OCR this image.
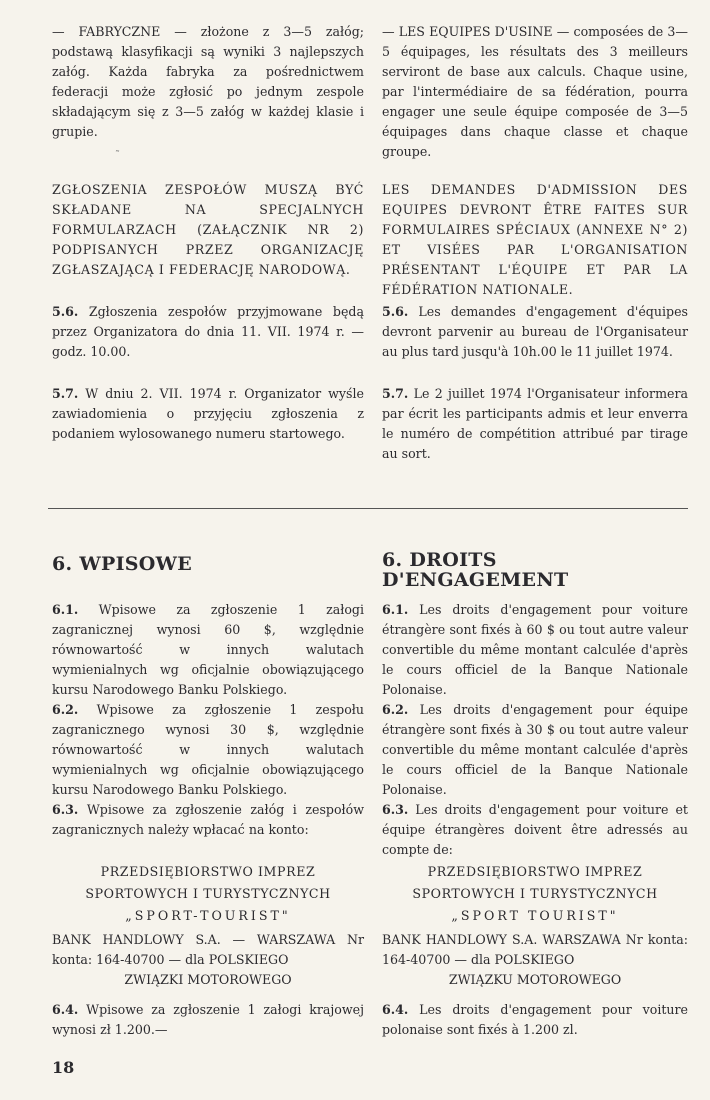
— FABRYCZNE — złożone z 3—5 załóg; podstawą klasyfikacji są wyniki 3 najlepszych załóg. Każda fabryka za pośrednictwem federacji może zgłosić po jednym zespole składającym się z 3—5 załóg w każdej klasie i grupie.

ZGŁOSZENIA ZESPOŁÓW MUSZĄ BYĆ SKŁADANE NA SPECJALNYCH FORMULARZACH (ZAŁĄCZNIK NR 2) PODPISANYCH PRZEZ ORGANIZACJĘ ZGŁASZAJĄCĄ I FEDERACJĘ NARODOWĄ.

5.6. Zgłoszenia zespołów przyjmowane będą przez Organizatora do dnia 11. VII. 1974 r. — godz. 10.00.

5.7. W dniu 2. VII. 1974 r. Organizator wyśle zawiadomienia o przyjęciu zgłoszenia z podaniem wylosowanego numeru startowego.

6. WPISOWE

6.1. Wpisowe za zgłoszenie 1 załogi zagranicznej wynosi 60 $, względnie równowartość w innych walutach wymienialnych wg oficjalnie obowiązującego kursu Narodowego Banku Polskiego.

6.2. Wpisowe za zgłoszenie 1 zespołu zagranicznego wynosi 30 $, względnie równowartość w innych walutach wymienialnych wg oficjalnie obowiązującego kursu Narodowego Banku Polskiego.

6.3. Wpisowe za zgłoszenie załóg i zespołów zagranicznych należy wpłacać na konto:

PRZEDSIĘBIORSTWO IMPREZ

SPORTOWYCH I TURYSTYCZNYCH

„SPORT-TOURIST"

BANK HANDLOWY S.A. — WARSZAWA Nr konta: 164-40700 — dla POLSKIEGO

ZWIĄZKI MOTOROWEGO

6.4. Wpisowe za zgłoszenie 1 załogi krajowej wynosi zł 1.200.—

— LES EQUIPES D'USINE — composées de 3—5 équipages, les résultats des 3 meilleurs serviront de base aux calculs. Chaque usine, par l'intermédiaire de sa fédération, pourra engager une seule équipe composée de 3—5 équipages dans chaque classe et chaque groupe.

LES DEMANDES D'ADMISSION DES EQUIPES DEVRONT ÊTRE FAITES SUR FORMULAIRES SPÉCIAUX (ANNEXE N° 2) ET VISÉES PAR L'ORGANISATION PRÉSENTANT L'ÉQUIPE ET PAR LA FÉDÉRATION NATIONALE.

5.6. Les demandes d'engagement d'équipes devront parvenir au bureau de l'Organisateur au plus tard jusqu'à 10h.00 le 11 juillet 1974.

5.7. Le 2 juillet 1974 l'Organisateur informera par écrit les participants admis et leur enverra le numéro de compétition attribué par tirage au sort.

6. DROITS D'ENGAGEMENT

6.1. Les droits d'engagement pour voiture étrangère sont fixés à 60 $ ou tout autre valeur convertible du même montant calculée d'après le cours officiel de la Banque Nationale Polonaise.

6.2. Les droits d'engagement pour équipe étrangère sont fixés à 30 $ ou tout autre valeur convertible du même montant calculée d'après le cours officiel de la Banque Nationale Polonaise.

6.3. Les droits d'engagement pour voiture et équipe étrangères doivent être adressés au compte de:

PRZEDSIĘBIORSTWO IMPREZ

SPORTOWYCH I TURYSTYCZNYCH

„SPORT TOURIST"

BANK HANDLOWY S.A. WARSZAWA Nr konta: 164-40700 — dla POLSKIEGO

ZWIĄZKU MOTOROWEGO

6.4. Les droits d'engagement pour voiture polonaise sont fixés à 1.200 zl.

˜
18
